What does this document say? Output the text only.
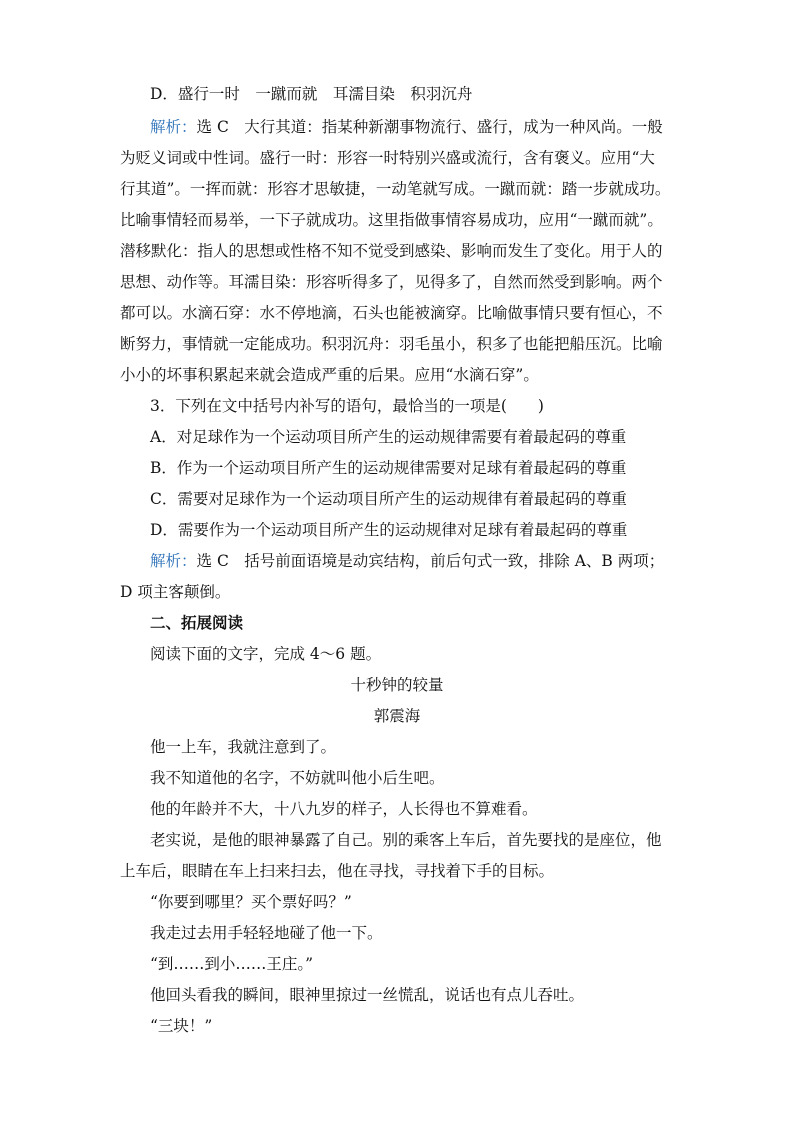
D．盛行一时　一蹴而就　耳濡目染　积羽沉舟
解析：选 C　大行其道：指某种新潮事物流行、盛行，成为一种风尚。一般
为贬义词或中性词。盛行一时：形容一时特别兴盛或流行，含有褒义。应用“大
行其道”。一挥而就：形容才思敏捷，一动笔就写成。一蹴而就：踏一步就成功。
比喻事情轻而易举，一下子就成功。这里指做事情容易成功，应用“一蹴而就”。
潜移默化：指人的思想或性格不知不觉受到感染、影响而发生了变化。用于人的
思想、动作等。耳濡目染：形容听得多了，见得多了，自然而然受到影响。两个
都可以。水滴石穿：水不停地滴，石头也能被滴穿。比喻做事情只要有恒心，不
断努力，事情就一定能成功。积羽沉舟：羽毛虽小，积多了也能把船压沉。比喻
小小的坏事积累起来就会造成严重的后果。应用“水滴石穿”。
3．下列在文中括号内补写的语句，最恰当的一项是(　　)
A．对足球作为一个运动项目所产生的运动规律需要有着最起码的尊重
B．作为一个运动项目所产生的运动规律需要对足球有着最起码的尊重
C．需要对足球作为一个运动项目所产生的运动规律有着最起码的尊重
D．需要作为一个运动项目所产生的运动规律对足球有着最起码的尊重
解析：选 C　括号前面语境是动宾结构，前后句式一致，排除 A、B 两项；
D 项主客颠倒。
二、拓展阅读
阅读下面的文字，完成 4～6 题。
十秒钟的较量
郭震海
他一上车，我就注意到了。
我不知道他的名字，不妨就叫他小后生吧。
他的年龄并不大，十八九岁的样子，人长得也不算难看。
老实说，是他的眼神暴露了自己。别的乘客上车后，首先要找的是座位，他
上车后，眼睛在车上扫来扫去，他在寻找，寻找着下手的目标。
“你要到哪里？买个票好吗？”
我走过去用手轻轻地碰了他一下。
“到……到小……王庄。”
他回头看我的瞬间，眼神里掠过一丝慌乱，说话也有点儿吞吐。
“三块！”
